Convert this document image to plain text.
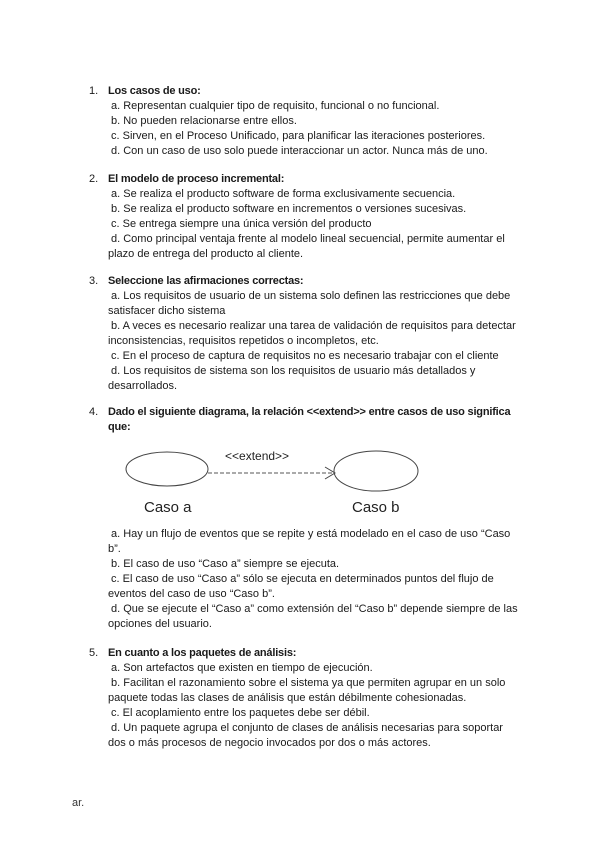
1. Los casos de uso:

a. Representan cualquier tipo de requisito, funcional o no funcional.

b. No pueden relacionarse entre ellos.

c. Sirven, en el Proceso Unificado, para planificar las iteraciones posteriores.

d. Con un caso de uso solo puede interaccionar un actor. Nunca más de uno.

2. El modelo de proceso incremental:

a. Se realiza el producto software de forma exclusivamente secuencia.

b. Se realiza el producto software en incrementos o versiones sucesivas.

c. Se entrega siempre una única versión del producto

d. Como principal ventaja frente al modelo lineal secuencial, permite aumentar el plazo de entrega del producto al cliente.

3. Seleccione las afirmaciones correctas:

a. Los requisitos de usuario de un sistema solo definen las restricciones que debe satisfacer dicho sistema

b. A veces es necesario realizar una tarea de validación de requisitos para detectar inconsistencias, requisitos repetidos o incompletos, etc.

c. En el proceso de captura de requisitos no es necesario trabajar con el cliente

d. Los requisitos de sistema son los requisitos de usuario más detallados y desarrollados.

4. Dado el siguiente diagrama, la relación <<extend>> entre casos de uso significa que:
<<extend>>
Caso a	Caso b

a. Hay un flujo de eventos que se repite y está modelado en el caso de uso “Caso b”.

b. El caso de uso “Caso a” siempre se ejecuta.

c. El caso de uso “Caso a” sólo se ejecuta en determinados puntos del flujo de eventos del caso de uso “Caso b”.

d. Que se ejecute el “Caso a” como extensión del “Caso b” depende siempre de las opciones del usuario.

5. En cuanto a los paquetes de análisis:

a. Son artefactos que existen en tiempo de ejecución.

b. Facilitan el razonamiento sobre el sistema ya que permiten agrupar en un solo paquete todas las clases de análisis que están débilmente cohesionadas.

c. El acoplamiento entre los paquetes debe ser débil.

d. Un paquete agrupa el conjunto de clases de análisis necesarias para soportar dos o más procesos de negocio invocados por dos o más actores.

ar.
